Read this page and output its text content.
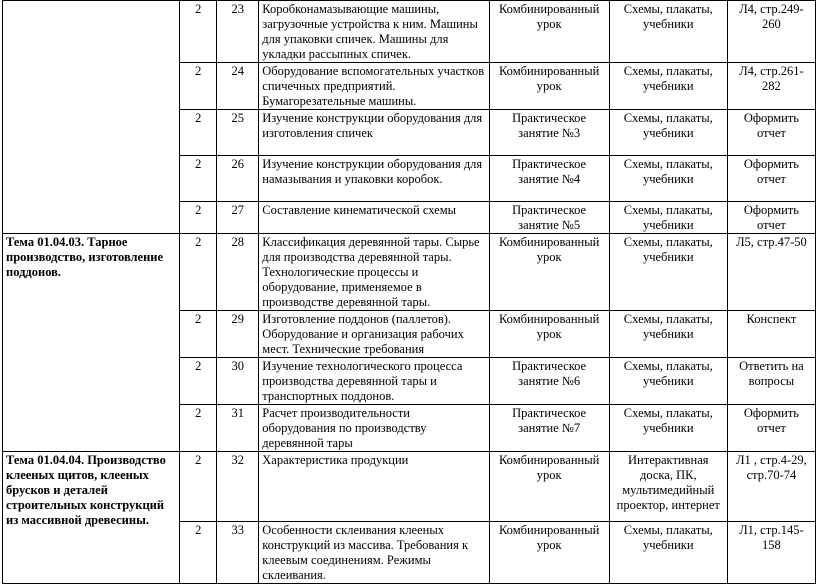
	2	23	Коробконамазывающие машины, загрузочные устройства к ним. Машины для упаковки спичек. Машины для укладки рассыпных спичек.	Комбинированный урок	Схемы, плакаты, учебники	Л4, стр.249-260
	2	24	Оборудование вспомогательных участков спичечных предприятий. Бумагорезательные машины.	Комбинированный урок	Схемы, плакаты, учебники	Л4, стр.261-282
	2	25	Изучение конструкции оборудования для изготовления спичек	Практическое занятие №3	Схемы, плакаты, учебники	Оформить отчет
	2	26	Изучение конструкции оборудования для намазывания и упаковки коробок.	Практическое занятие №4	Схемы, плакаты, учебники	Оформить отчет
	2	27	Составление кинематической схемы	Практическое занятие №5	Схемы, плакаты, учебники	Оформить отчет
Тема 01.04.03. Тарное производство, изготовление поддонов.	2	28	Классификация деревянной тары. Сырье для производства деревянной тары. Технологические процессы и оборудование, применяемое в производстве деревянной тары.	Комбинированный урок	Схемы, плакаты, учебники	Л5, стр.47-50
	2	29	Изготовление поддонов (паллетов). Оборудование и организация рабочих мест. Технические требования	Комбинированный урок	Схемы, плакаты, учебники	Конспект
	2	30	Изучение технологического процесса производства деревянной тары и транспортных поддонов.	Практическое занятие №6	Схемы, плакаты, учебники	Ответить на вопросы
	2	31	Расчет производительности оборудования по производству деревянной тары	Практическое занятие №7	Схемы, плакаты, учебники	Оформить отчет
Тема 01.04.04. Производство клееных щитов, клееных брусков и деталей строительных конструкций из массивной древесины.	2	32	Характеристика продукции	Комбинированный урок	Интерактивная доска, ПК, мультимедийный проектор, интернет	Л1 , стр.4-29, стр.70-74
	2	33	Особенности склеивания клееных конструкций из массива. Требования к клеевым соединениям. Режимы склеивания.	Комбинированный урок	Схемы, плакаты, учебники	Л1, стр.145-158
